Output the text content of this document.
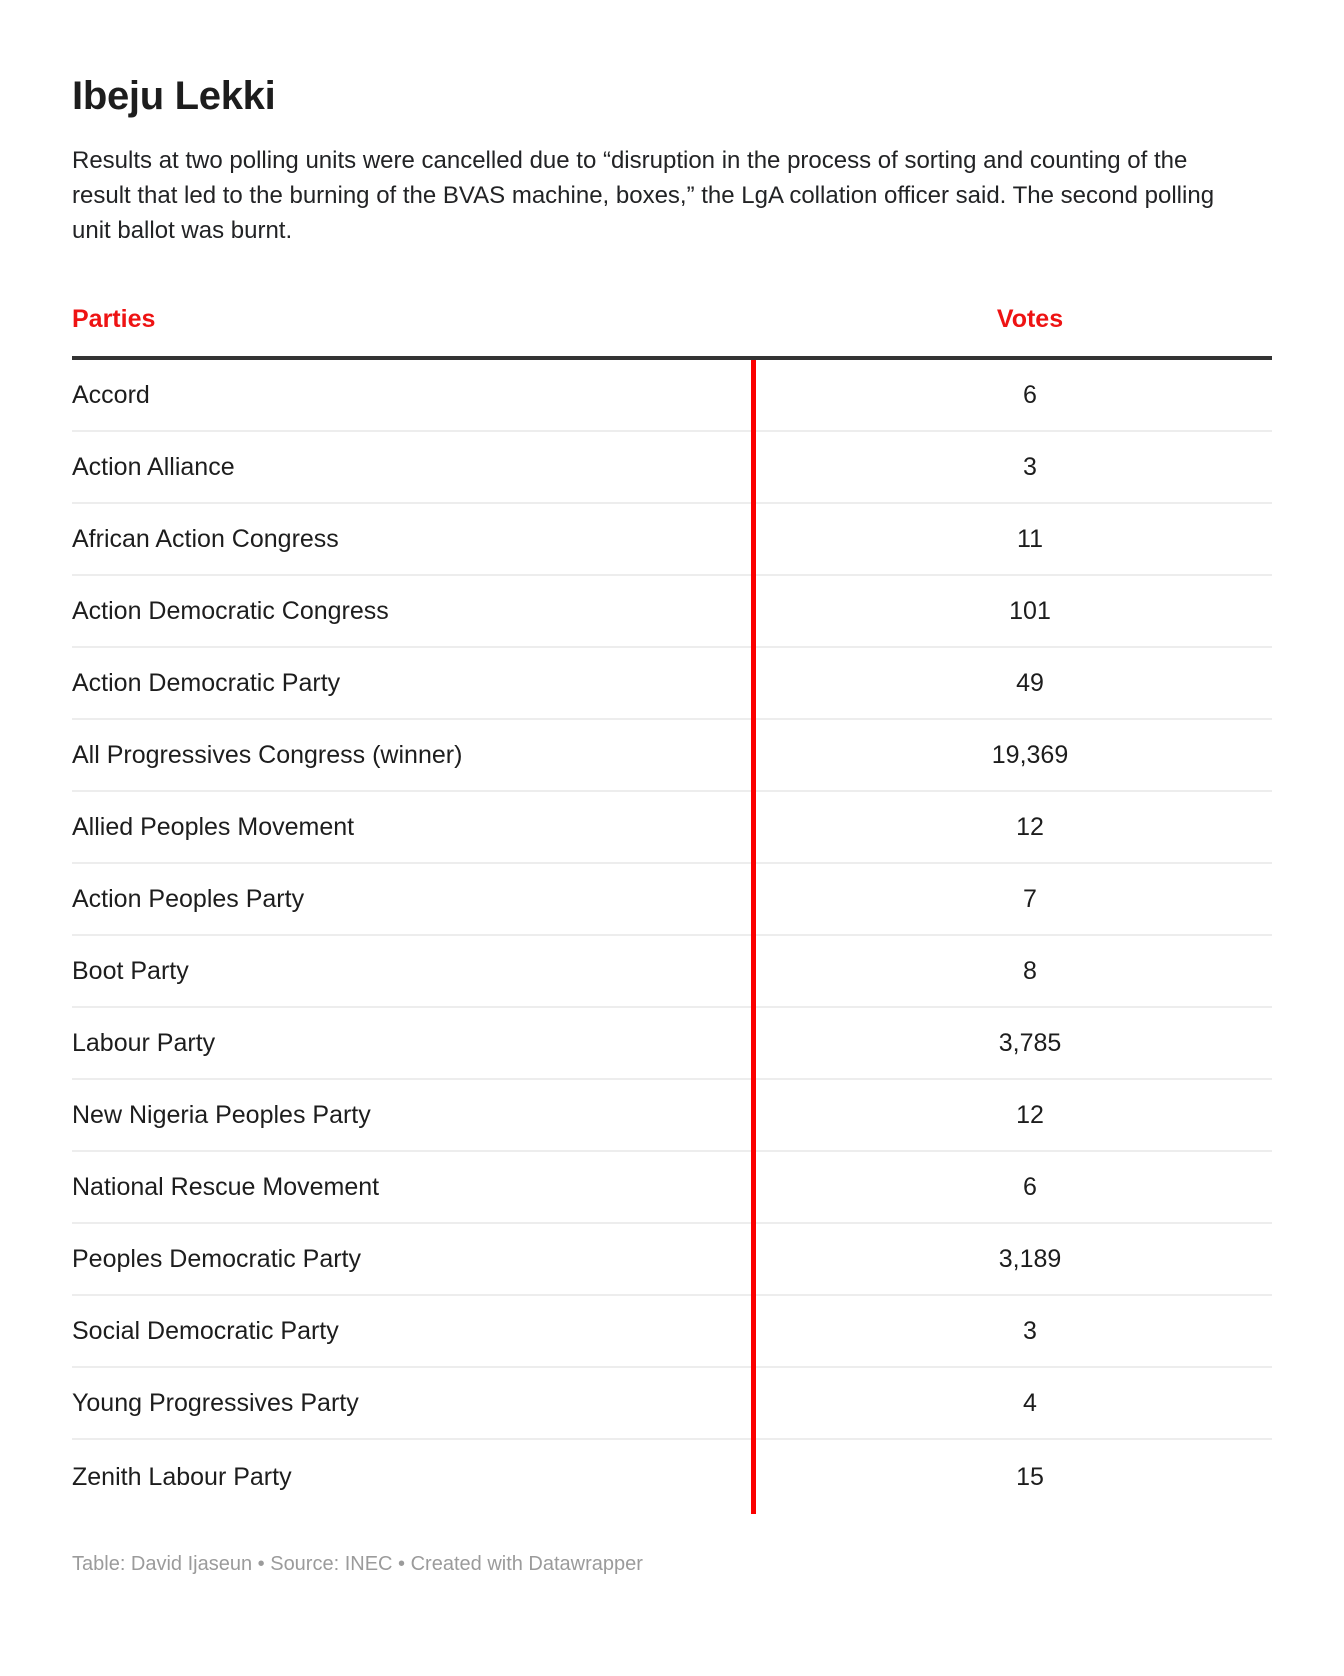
Ibeju Lekki

Results at two polling units were cancelled due to “disruption in the process of sorting and counting of the result that led to the burning of the BVAS machine, boxes,” the LgA collation officer said. The second polling unit ballot was burnt.

Parties	Votes
Accord	6
Action Alliance	3
African Action Congress	11
Action Democratic Congress	101
Action Democratic Party	49
All Progressives Congress (winner)	19,369
Allied Peoples Movement	12
Action Peoples Party	7
Boot Party	8
Labour Party	3,785
New Nigeria Peoples Party	12
National Rescue Movement	6
Peoples Democratic Party	3,189
Social Democratic Party	3
Young Progressives Party	4
Zenith Labour Party	15
Table: David Ijaseun • Source: INEC • Created with Datawrapper
